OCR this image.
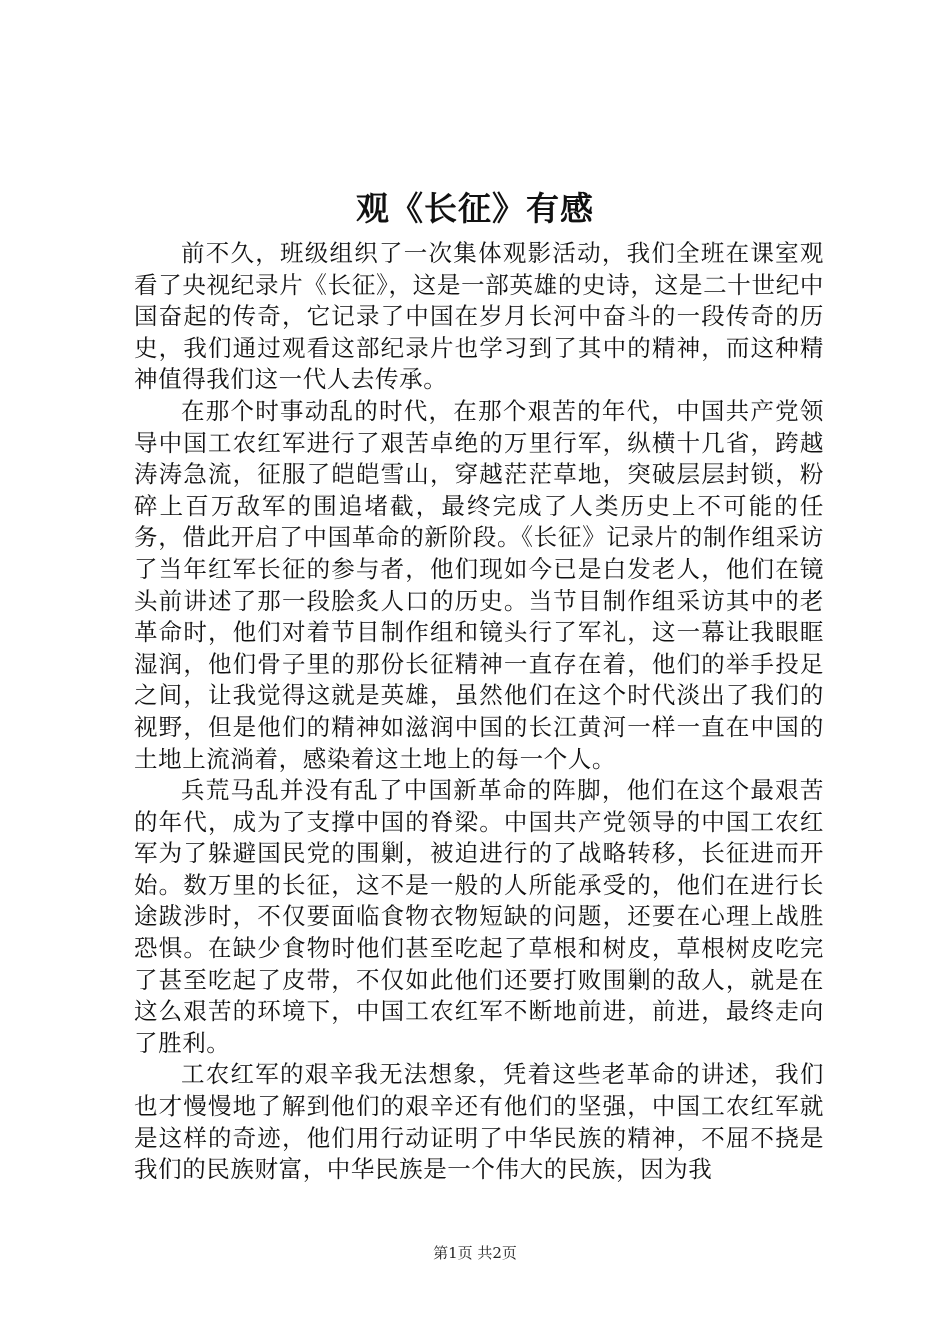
观《长征》有感

前不久，班级组织了一次集体观影活动，我们全班在课室观看了央视纪录片《长征》，这是一部英雄的史诗，这是二十世纪中国奋起的传奇，它记录了中国在岁月长河中奋斗的一段传奇的历史，我们通过观看这部纪录片也学习到了其中的精神，而这种精神值得我们这一代人去传承。

在那个时事动乱的时代，在那个艰苦的年代，中国共产党领导中国工农红军进行了艰苦卓绝的万里行军，纵横十几省，跨越涛涛急流，征服了皑皑雪山，穿越茫茫草地，突破层层封锁，粉碎上百万敌军的围追堵截，最终完成了人类历史上不可能的任务，借此开启了中国革命的新阶段。《长征》记录片的制作组采访了当年红军长征的参与者，他们现如今已是白发老人，他们在镜头前讲述了那一段脍炙人口的历史。当节目制作组采访其中的老革命时，他们对着节目制作组和镜头行了军礼，这一幕让我眼眶湿润，他们骨子里的那份长征精神一直存在着，他们的举手投足之间，让我觉得这就是英雄，虽然他们在这个时代淡出了我们的视野，但是他们的精神如滋润中国的长江黄河一样一直在中国的土地上流淌着，感染着这土地上的每一个人。

兵荒马乱并没有乱了中国新革命的阵脚，他们在这个最艰苦的年代，成为了支撑中国的脊梁。中国共产党领导的中国工农红军为了躲避国民党的围剿，被迫进行的了战略转移，长征进而开始。数万里的长征，这不是一般的人所能承受的，他们在进行长途跋涉时，不仅要面临食物衣物短缺的问题，还要在心理上战胜恐惧。在缺少食物时他们甚至吃起了草根和树皮，草根树皮吃完了甚至吃起了皮带，不仅如此他们还要打败围剿的敌人，就是在这么艰苦的环境下，中国工农红军不断地前进，前进，最终走向了胜利。

工农红军的艰辛我无法想象，凭着这些老革命的讲述，我们也才慢慢地了解到他们的艰辛还有他们的坚强，中国工农红军就是这样的奇迹，他们用行动证明了中华民族的精神，不屈不挠是我们的民族财富，中华民族是一个伟大的民族，因为我

第1页 共2页
